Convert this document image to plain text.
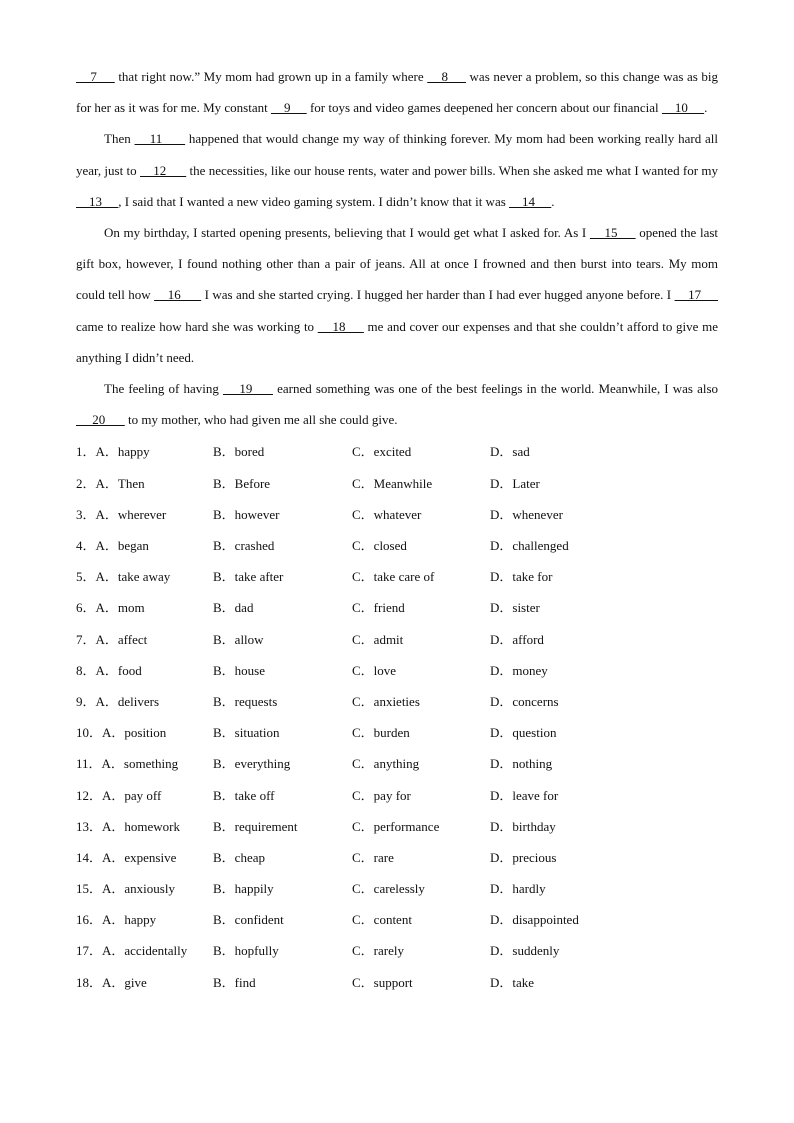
7      that right now.” My mom had grown up in a family where     8      was never a problem, so this change was as big for her as it was for me. My constant     9      for toys and video games deepened her concern about our financial     10     .

Then     11       happened that would change my way of thinking forever. My mom had been working really hard all year, just to     12       the necessities, like our house rents, water and power bills. When she asked me what I wanted for my     13     , I said that I wanted a new video gaming system. I didn’t know that it was     14     .

On my birthday, I started opening presents, believing that I would get what I asked for. As I     15      opened the last gift box, however, I found nothing other than a pair of jeans. All at once I frowned and then burst into tears. My mom could tell how     16       I was and she started crying. I hugged her harder than I had ever hugged anyone before. I     17      came to realize how hard she was working to     18      me and cover our expenses and that she couldn’t afford to give me anything I didn’t need.

The feeling of having     19      earned something was one of the best feelings in the world. Meanwhile, I was also      20       to my mother, who had given me all she could give.

1．A．happy	B．bored	C．excited	D．sad
2．A．Then	B．Before	C．Meanwhile	D．Later
3．A．wherever	B．however	C．whatever	D．whenever
4．A．began	B．crashed	C．closed	D．challenged
5．A．take away	B．take after	C．take care of	D．take for
6．A．mom	B．dad	C．friend	D．sister
7．A．affect	B．allow	C．admit	D．afford
8．A．food	B．house	C．love	D．money
9．A．delivers	B．requests	C．anxieties	D．concerns
10．A．position	B．situation	C．burden	D．question
11．A．something	B．everything	C．anything	D．nothing
12．A．pay off	B．take off	C．pay for	D．leave for
13．A．homework	B．requirement	C．performance	D．birthday
14．A．expensive	B．cheap	C．rare	D．precious
15．A．anxiously	B．happily	C．carelessly	D．hardly
16．A．happy	B．confident	C．content	D．disappointed
17．A．accidentally	B．hopfully	C．rarely	D．suddenly
18．A．give	B．find	C．support	D．take
